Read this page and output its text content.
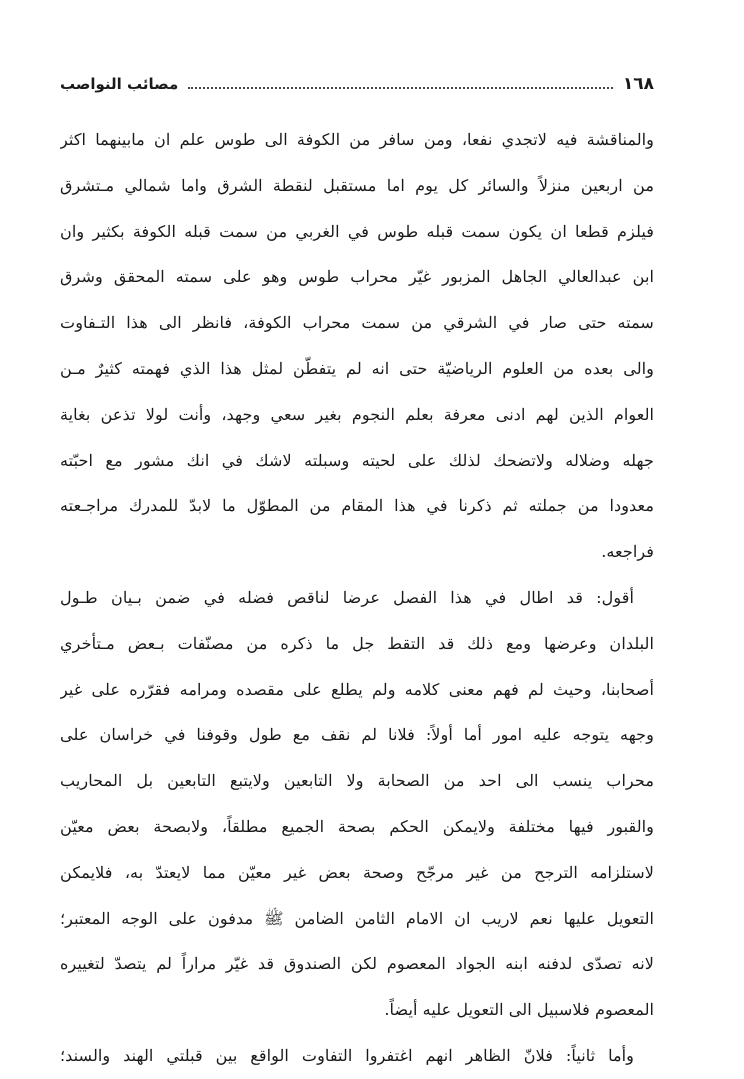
١٦٨
مصائب النواصب
والمناقشة فيه لاتجدي نفعا، ومن سافر من الكوفة الى طوس علم ان مابينهما اكثر
من اربعين منزلاً والسائر كل يوم اما مستقبل لنقطة الشرق واما شمالي مـتشرق
فيلزم قطعا ان يكون سمت قبله طوس في الغربي من سمت قبله الكوفة بكثير وان
ابن عبدالعالي الجاهل المزبور غيّر محراب طوس وهو على سمته المحقق وشرق
سمته حتى صار في الشرقي من سمت محراب الكوفة، فانظر الى هذا التـفاوت
والى بعده من العلوم الرياضيّة حتى انه لم يتفطّن لمثل هذا الذي فهمته كثيرٌ مـن
العوام الذين لهم ادنى معرفة بعلم النجوم بغير سعي وجهد، وأنت لولا تذعن بغاية
جهله وضلاله ولاتضحك لذلك على لحيته وسبلته لاشك في انك مشور مع احبّته
معدودا من جملته ثم ذكرنا في هذا المقام من المطوّل ما لابدّ للمدرك مراجـعته
فراجعه.
أقول: قد اطال في هذا الفصل عرضا لناقص فضله في ضمن بـيان طـول
البلدان وعرضها ومع ذلك قد التقط جل ما ذكره من مصنّفات بـعض مـتأخري
أصحابنا، وحيث لم فهم معنى كلامه ولم يطلع على مقصده ومرامه فقرّره على غير
وجهه يتوجه عليه امور أما أولاً: فلانا لم نقف مع طول وقوفنا في خراسان على
محراب ينسب الى احد من الصحابة ولا التابعين ولايتبع التابعين بل المحاريب
والقبور فيها مختلفة ولايمكن الحكم بصحة الجميع مطلقاً، ولابصحة بعض معيّن
لاستلزامه الترجح من غير مرجّح وصحة بعض غير معيّن مما لايعتدّ به، فلايمكن
التعويل عليها نعم لاريب ان الامام الثامن الضامن ﷺ مدفون على الوجه المعتبر؛
لانه تصدّى لدفنه ابنه الجواد المعصوم لكن الصندوق قد غيّر مراراً لم يتصدّ لتغييره
المعصوم فلاسبيل الى التعويل عليه أيضاً.
وأما ثانياً: فلانّ الظاهر انهم اغتفروا التفاوت الواقع بين قبلتي الهند والسند؛
